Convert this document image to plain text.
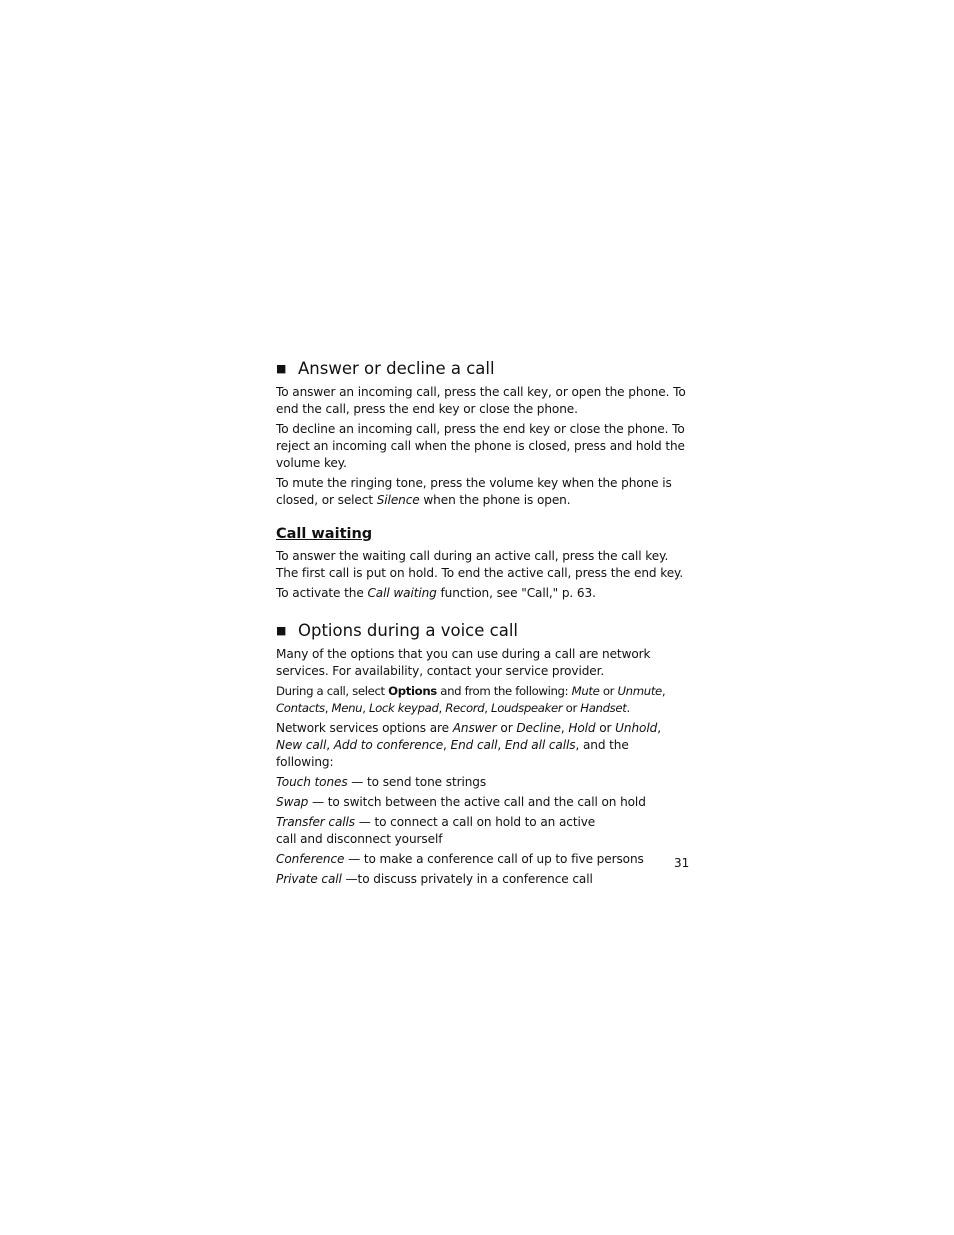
■ Answer or decline a call

To answer an incoming call, press the call key, or open the phone. To end the call, press the end key or close the phone.

To decline an incoming call, press the end key or close the phone. To reject an incoming call when the phone is closed, press and hold the volume key.

To mute the ringing tone, press the volume key when the phone is closed, or select Silence when the phone is open.

Call waiting

To answer the waiting call during an active call, press the call key. The first call is put on hold. To end the active call, press the end key.

To activate the Call waiting function, see "Call," p. 63.

■ Options during a voice call

Many of the options that you can use during a call are network services. For availability, contact your service provider.

During a call, select Options and from the following: Mute or Unmute, Contacts, Menu, Lock keypad, Record, Loudspeaker or Handset.

Network services options are Answer or Decline, Hold or Unhold, New call, Add to conference, End call, End all calls, and the following:

Touch tones — to send tone strings

Swap — to switch between the active call and the call on hold

Transfer calls — to connect a call on hold to an active call and disconnect yourself

Conference — to make a conference call of up to five persons

Private call —to discuss privately in a conference call

31
